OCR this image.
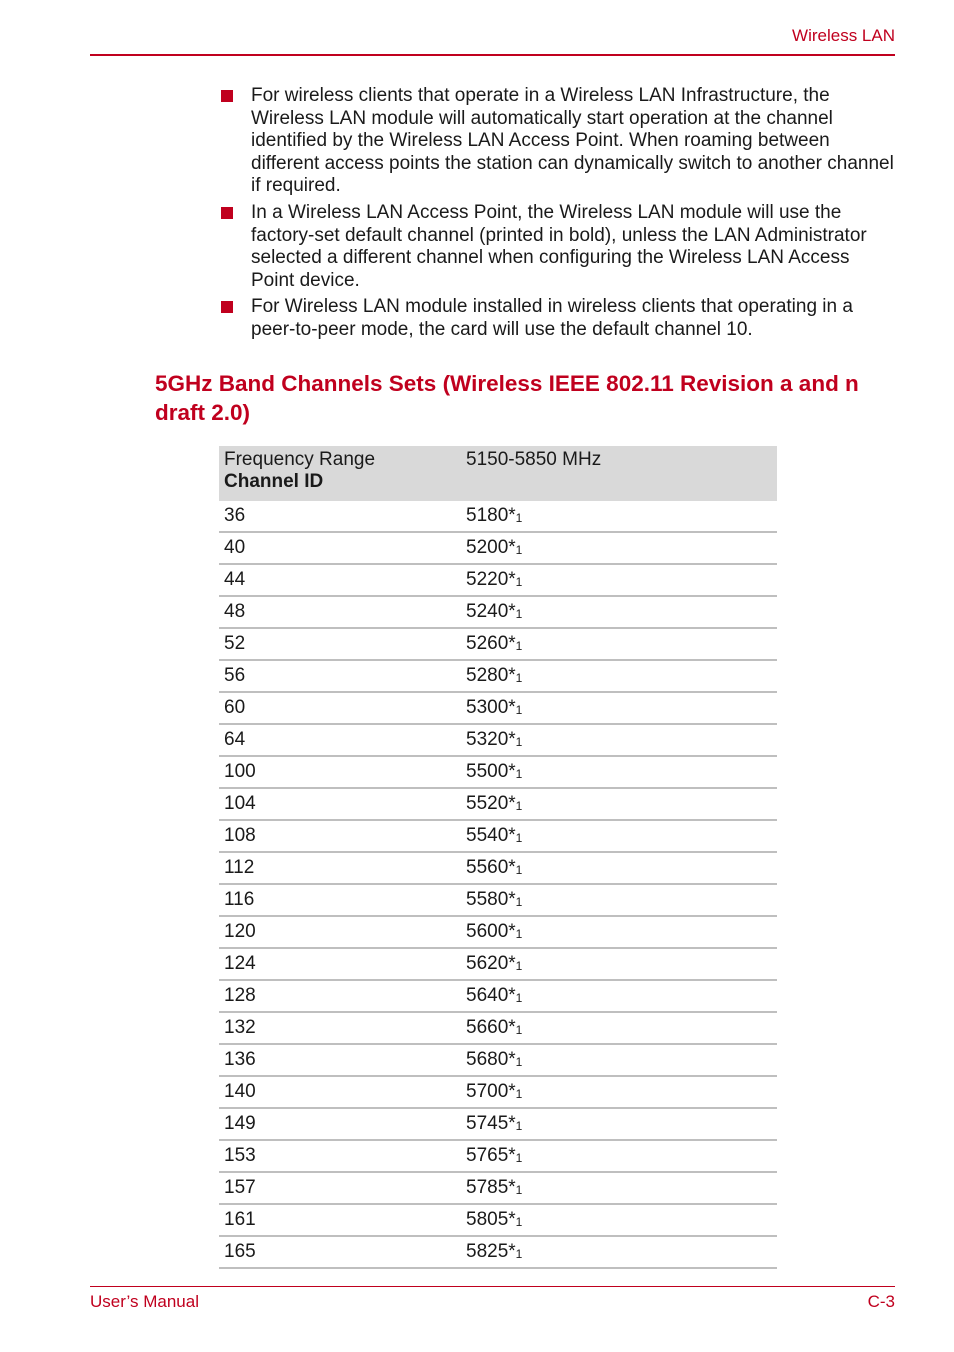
Wireless LAN
For wireless clients that operate in a Wireless LAN Infrastructure, the Wireless LAN module will automatically start operation at the channel identified by the Wireless LAN Access Point. When roaming between different access points the station can dynamically switch to another channel if required.
In a Wireless LAN Access Point, the Wireless LAN module will use the factory-set default channel (printed in bold), unless the LAN Administrator selected a different channel when configuring the Wireless LAN Access Point device.
For Wireless LAN module installed in wireless clients that operating in a peer-to-peer mode, the card will use the default channel 10.
5GHz Band Channels Sets (Wireless IEEE 802.11 Revision a and n draft 2.0)
Frequency Range
Channel ID	5150-5850 MHz
36	5180*1
40	5200*1
44	5220*1
48	5240*1
52	5260*1
56	5280*1
60	5300*1
64	5320*1
100	5500*1
104	5520*1
108	5540*1
112	5560*1
116	5580*1
120	5600*1
124	5620*1
128	5640*1
132	5660*1
136	5680*1
140	5700*1
149	5745*1
153	5765*1
157	5785*1
161	5805*1
165	5825*1
User’s Manual	C-3
